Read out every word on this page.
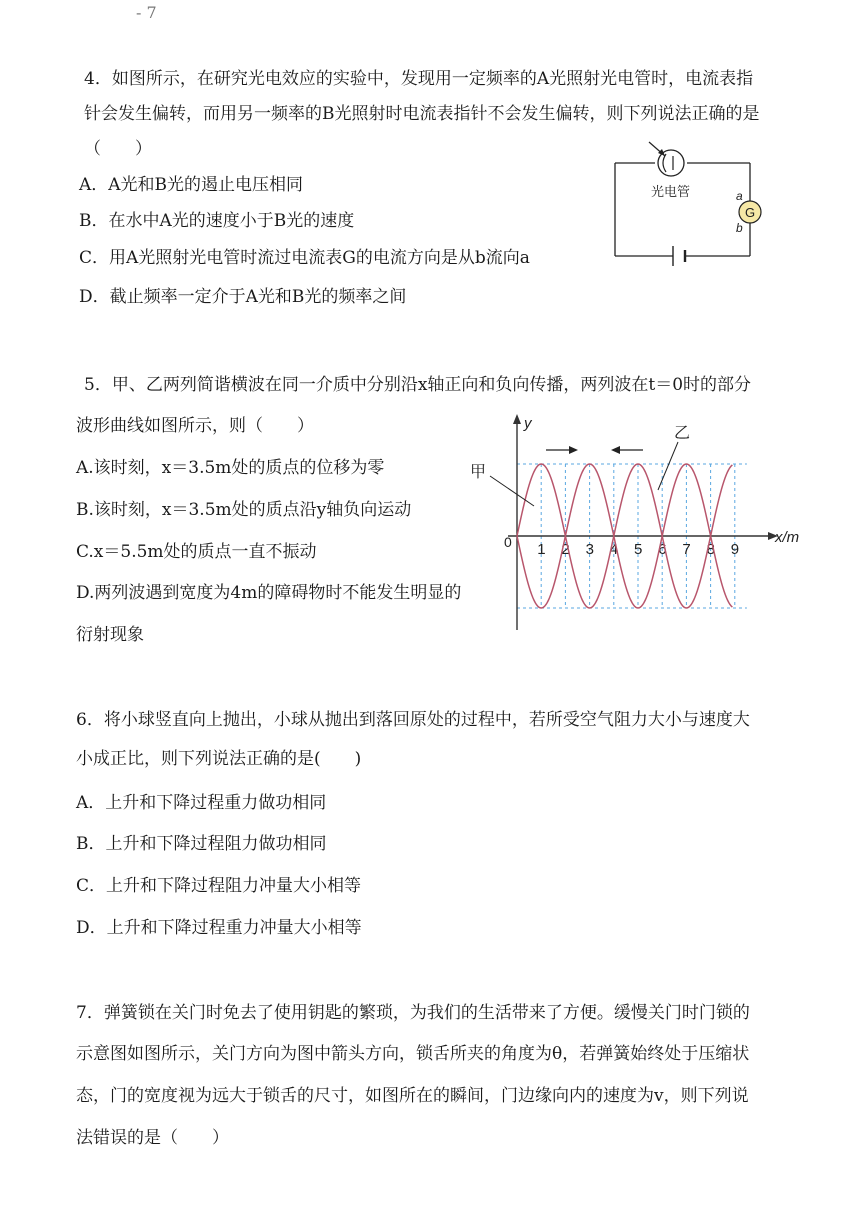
- 7
4．如图所示，在研究光电效应的实验中，发现用一定频率的A光照射光电管时，电流表指
针会发生偏转，而用另一频率的B光照射时电流表指针不会发生偏转，则下列说法正确的是
（　　）
A．A光和B光的遏止电压相同
B．在水中A光的速度小于B光的速度
C．用A光照射光电管时流过电流表G的电流方向是从b流向a
D．截止频率一定介于A光和B光的频率之间
光电管
G
a
b
5．甲、乙两列简谐横波在同一介质中分别沿x轴正向和负向传播，两列波在t＝0时的部分
波形曲线如图所示，则（　　）
A.该时刻，x＝3.5m处的质点的位移为零
B.该时刻，x＝3.5m处的质点沿y轴负向运动
C.x＝5.5m处的质点一直不振动
D.两列波遇到宽度为4m的障碍物时不能发生明显的
衍射现象
y
x/m
0 1 2 3 4 5 6 7 8 9
甲
乙
6．将小球竖直向上抛出，小球从抛出到落回原处的过程中，若所受空气阻力大小与速度大
小成正比，则下列说法正确的是(　　)
A．上升和下降过程重力做功相同
B．上升和下降过程阻力做功相同
C．上升和下降过程阻力冲量大小相等
D．上升和下降过程重力冲量大小相等
7．弹簧锁在关门时免去了使用钥匙的繁琐，为我们的生活带来了方便。缓慢关门时门锁的
示意图如图所示，关门方向为图中箭头方向，锁舌所夹的角度为θ，若弹簧始终处于压缩状
态，门的宽度视为远大于锁舌的尺寸，如图所在的瞬间，门边缘向内的速度为v，则下列说
法错误的是（　　）
